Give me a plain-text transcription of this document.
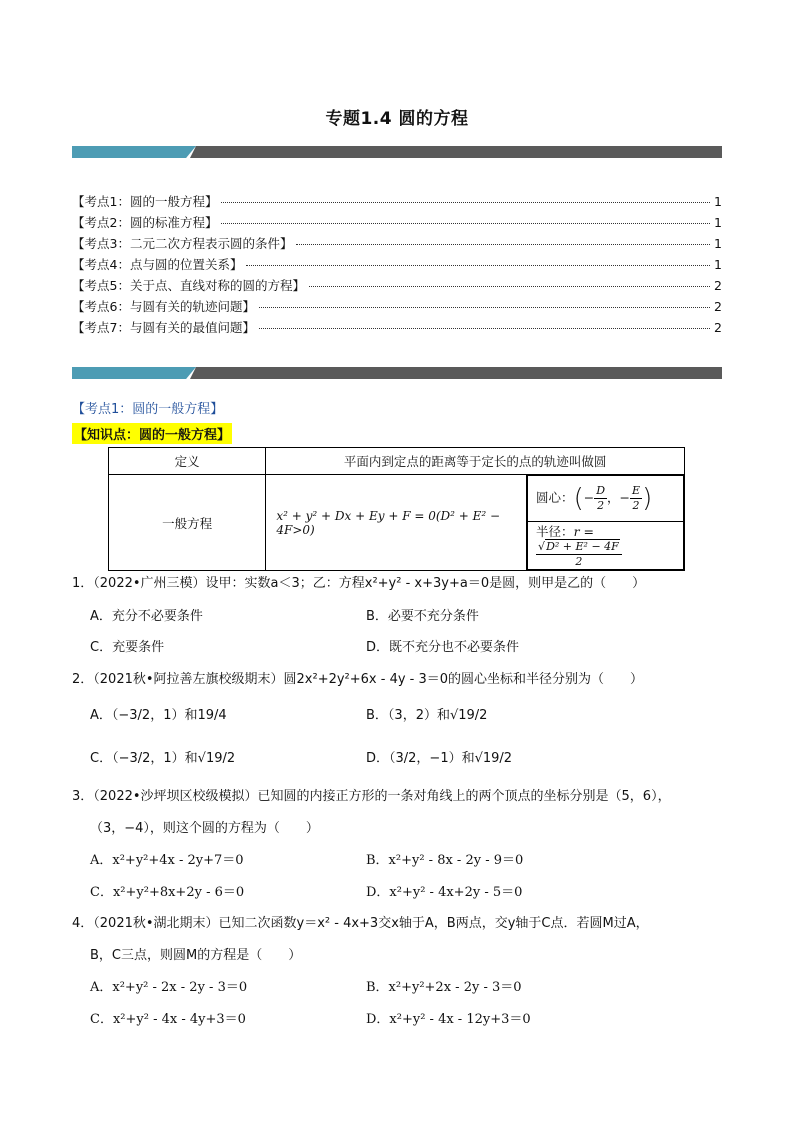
专题1.4 圆的方程
【考点1：圆的一般方程】	1
【考点2：圆的标准方程】	1
【考点3：二元二次方程表示圆的条件】	1
【考点4：点与圆的位置关系】	1
【考点5：关于点、直线对称的圆的方程】	2
【考点6：与圆有关的轨迹问题】	2
【考点7：与圆有关的最值问题】	2
【考点1：圆的一般方程】
【知识点：圆的一般方程】
定义	平面内到定点的距离等于定长的点的轨迹叫做圆
一般方程	x² + y² + Dx + Ey + F = 0(D² + E² − 4F>0)	
圆心：(− $\frac{D}{2}$ ，− $\frac{E}{2}$ )
半径：r =
$\frac{\text{√D² + E² − 4F}}{2}$
1．（2022•广州三模）设甲：实数a＜3；乙：方程x²+y² - x+3y+a＝0是圆，则甲是乙的（　　）
A．充分不必要条件	B．必要不充分条件
C．充要条件	D．既不充分也不必要条件
2．（2021秋•阿拉善左旗校级期末）圆2x²+2y²+6x - 4y - 3＝0的圆心坐标和半径分别为（　　）
A．（−3/2，1）和19/4	B．（3，2）和√19/2
C．（−3/2，1）和√19/2	D．（3/2，−1）和√19/2
3．（2022•沙坪坝区校级模拟）已知圆的内接正方形的一条对角线上的两个顶点的坐标分别是（5，6），
（3，−4），则这个圆的方程为（　　）
A．x²+y²+4x - 2y+7＝0	B．x²+y² - 8x - 2y - 9＝0
C．x²+y²+8x+2y - 6＝0	D．x²+y² - 4x+2y - 5＝0
4．（2021秋•湖北期末）已知二次函数y＝x² - 4x+3交x轴于A，B两点，交y轴于C点．若圆M过A，
B，C三点，则圆M的方程是（　　）
A．x²+y² - 2x - 2y - 3＝0	B．x²+y²+2x - 2y - 3＝0
C．x²+y² - 4x - 4y+3＝0	D．x²+y² - 4x - 12y+3＝0
